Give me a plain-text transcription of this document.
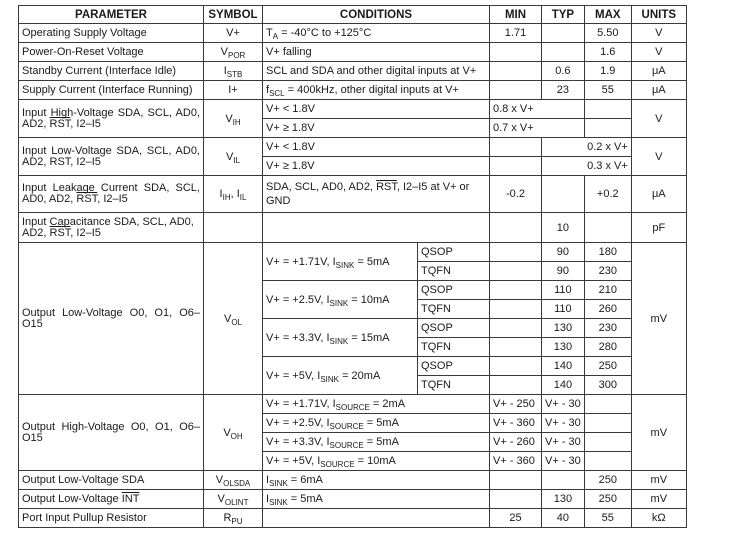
PARAMETER	SYMBOL	CONDITIONS		MIN	TYP	MAX	UNITS
Operating Supply Voltage	V+	$T_A = -40^\circ C$ to +125°C		1.71		5.50	V
Power-On-Reset Voltage	$V_{POR}$	V+ falling				1.6	V
Standby Current (Interface Idle)	$I_{STB}$	SCL and SDA and other digital inputs at V+			0.6	1.9	μA
Supply Current (Interface Running)	I+	$f_{SCL} = 400kHz$, other digital inputs at V+			23	55	μA
Input High-Voltage SDA, SCL, AD0, AD2, $\overline{RST}$, I2–I5	$V_{IH}$	V+ < 1.8V		0.8 x V+			V
		V+ ≥ 1.8V		0.7 x V+			
Input Low-Voltage SDA, SCL, AD0, AD2, RST, I2–I5	$V_{IL}$	V+ < 1.8V			0.2 x V+		V
		V+ ≥ 1.8V			0.3 x V+		
Input Leakage Current SDA, SCL, AD0, AD2, $\overline{RST}$, I2–I5	$I_{IH}$, $I_{IL}$	SDA, SCL, AD0, AD2, $\overline{RST}$, I2–I5 at V+ or GND		-0.2		+0.2	μA
Input Capacitance SDA, SCL, AD0, AD2, $\overline{RST}$, I2–I5					10		pF
Output Low-Voltage O0, O1, O6–O15	$V_{OL}$	V+ = +1.71V, $I_{SINK} = 5mA$	QSOP		90	180	mV
			TQFN		90	230	
		V+ = +2.5V, $I_{SINK} = 10mA$	QSOP		110	210	
			TQFN		110	260	
		V+ = +3.3V, $I_{SINK} = 15mA$	QSOP		130	230	
			TQFN		130	280	
		V+ = +5V, $I_{SINK} = 20mA$	QSOP		140	250	
			TQFN		140	300	
Output High-Voltage O0, O1, O6–O15	$V_{OH}$	V+ = +1.71V, $I_{SOURCE} = 2mA$		V+ - 250	V+ - 30		mV
		V+ = +2.5V, $I_{SOURCE} = 5mA$		V+ - 360	V+ - 30		
		V+ = +3.3V, $I_{SOURCE} = 5mA$		V+ - 260	V+ - 30		
		V+ = +5V, $I_{SOURCE} = 10mA$		V+ - 360	V+ - 30		
Output Low-Voltage SDA	$V_{OLSDA}$	$I_{SINK} = 6mA$				250	mV
Output Low-Voltage $\overline{INT}$	$V_{OLINT}$	$I_{SINK} = 5mA$			130	250	mV
Port Input Pullup Resistor	$R_{PU}$			25	40	55	kΩ
